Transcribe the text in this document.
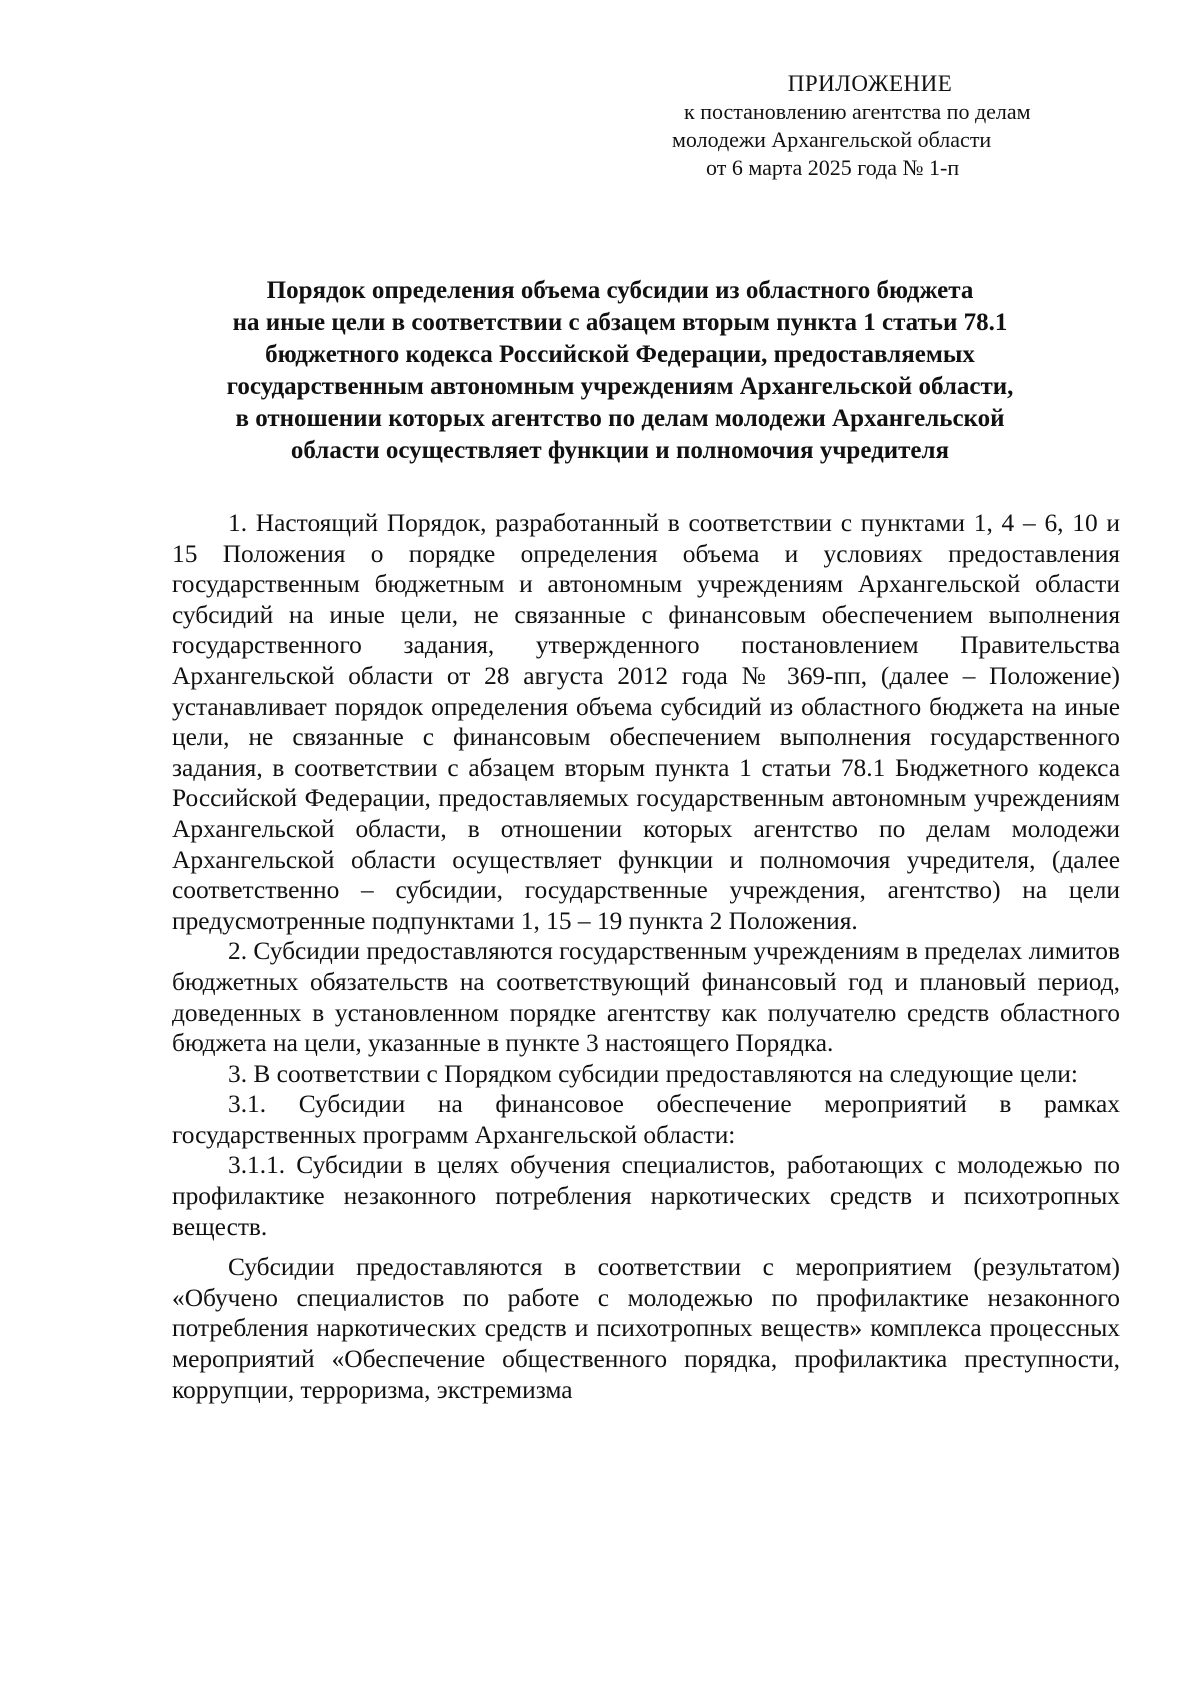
ПРИЛОЖЕНИЕ
к постановлению агентства по делам
молодежи Архангельской области
от 6 марта 2025 года № 1-п
Порядок определения объема субсидии из областного бюджета
на иные цели в соответствии с абзацем вторым пункта 1 статьи 78.1
бюджетного кодекса Российской Федерации, предоставляемых
государственным автономным учреждениям Архангельской области,
в отношении которых агентство по делам молодежи Архангельской
области осуществляет функции и полномочия учредителя

1. Настоящий Порядок, разработанный в соответствии с пунктами 1, 4 – 6, 10 и 15 Положения о порядке определения объема и условиях предоставления государственным бюджетным и автономным учреждениям Архангельской области субсидий на иные цели, не связанные с финансовым обеспечением выполнения государственного задания, утвержденного постановлением Правительства Архангельской области от 28 августа 2012 года № 369-пп, (далее – Положение) устанавливает порядок определения объема субсидий из областного бюджета на иные цели, не связанные с финансовым обеспечением выполнения государственного задания, в соответствии с абзацем вторым пункта 1 статьи 78.1 Бюджетного кодекса Российской Федерации, предоставляемых государственным автономным учреждениям Архангельской области, в отношении которых агентство по делам молодежи Архангельской области осуществляет функции и полномочия учредителя, (далее соответственно – субсидии, государственные учреждения, агентство) на цели предусмотренные подпунктами 1, 15 – 19 пункта 2 Положения.

2. Субсидии предоставляются государственным учреждениям в пределах лимитов бюджетных обязательств на соответствующий финансовый год и плановый период, доведенных в установленном порядке агентству как получателю средств областного бюджета на цели, указанные в пункте 3 настоящего Порядка.

3. В соответствии с Порядком субсидии предоставляются на следующие цели:

3.1. Субсидии на финансовое обеспечение мероприятий в рамках государственных программ Архангельской области:

3.1.1. Субсидии в целях обучения специалистов, работающих с молодежью по профилактике незаконного потребления наркотических средств и психотропных веществ.

Субсидии предоставляются в соответствии с мероприятием (результатом) «Обучено специалистов по работе с молодежью по профилактике незаконного потребления наркотических средств и психотропных веществ» комплекса процессных мероприятий «Обеспечение общественного порядка, профилактика преступности, коррупции, терроризма, экстремизма
